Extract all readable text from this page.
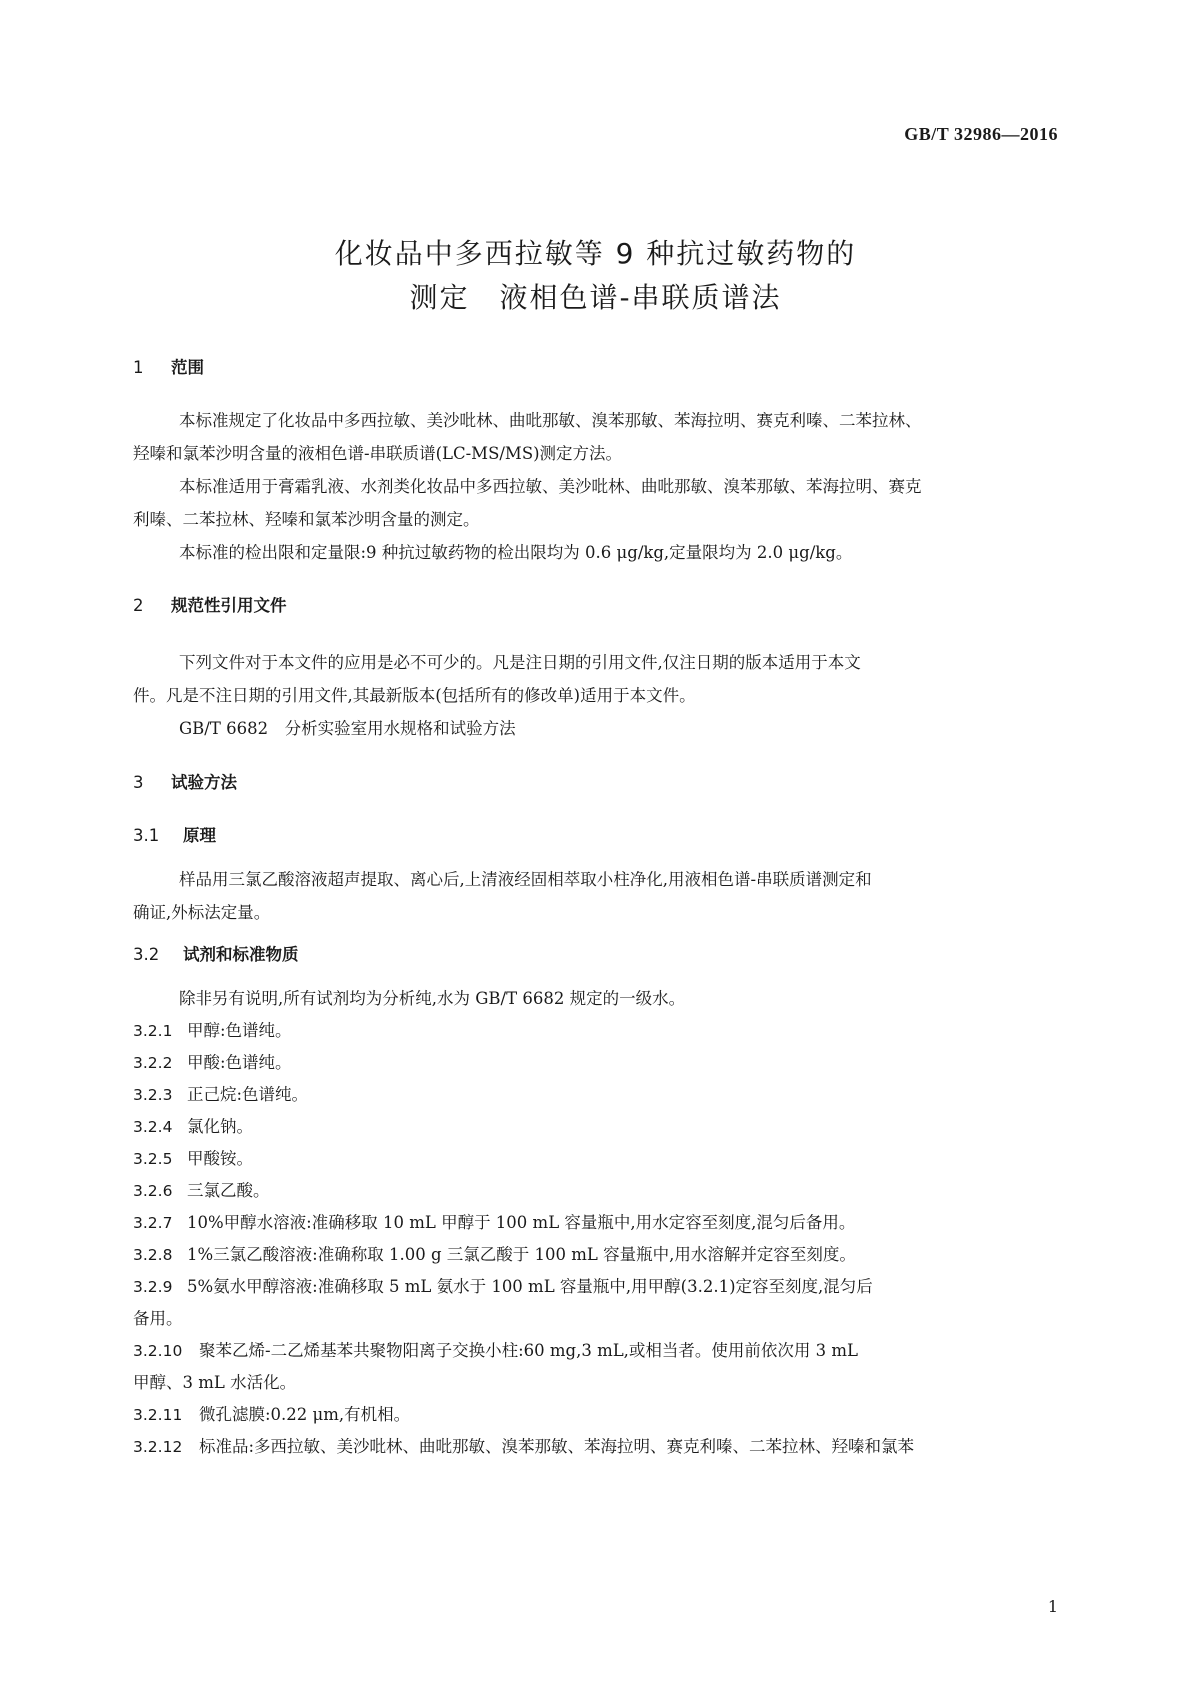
GB/T 32986—2016
化妆品中多西拉敏等 9 种抗过敏药物的
测定　液相色谱-串联质谱法
1 范围
本标准规定了化妆品中多西拉敏、美沙吡林、曲吡那敏、溴苯那敏、苯海拉明、赛克利嗪、二苯拉林、
羟嗪和氯苯沙明含量的液相色谱-串联质谱(LC-MS/MS)测定方法。
本标准适用于膏霜乳液、水剂类化妆品中多西拉敏、美沙吡林、曲吡那敏、溴苯那敏、苯海拉明、赛克
利嗪、二苯拉林、羟嗪和氯苯沙明含量的测定。
本标准的检出限和定量限:9 种抗过敏药物的检出限均为 0.6 μg/kg,定量限均为 2.0 μg/kg。
2 规范性引用文件
下列文件对于本文件的应用是必不可少的。凡是注日期的引用文件,仅注日期的版本适用于本文
件。凡是不注日期的引用文件,其最新版本(包括所有的修改单)适用于本文件。
GB/T 6682　分析实验室用水规格和试验方法
3 试验方法
3.1 原理
样品用三氯乙酸溶液超声提取、离心后,上清液经固相萃取小柱净化,用液相色谱-串联质谱测定和
确证,外标法定量。
3.2 试剂和标准物质
除非另有说明,所有试剂均为分析纯,水为 GB/T 6682 规定的一级水。
3.2.1 甲醇:色谱纯。
3.2.2 甲酸:色谱纯。
3.2.3 正己烷:色谱纯。
3.2.4 氯化钠。
3.2.5 甲酸铵。
3.2.6 三氯乙酸。
3.2.7 10%甲醇水溶液:准确移取 10 mL 甲醇于 100 mL 容量瓶中,用水定容至刻度,混匀后备用。
3.2.8 1%三氯乙酸溶液:准确称取 1.00 g 三氯乙酸于 100 mL 容量瓶中,用水溶解并定容至刻度。
3.2.9 5%氨水甲醇溶液:准确移取 5 mL 氨水于 100 mL 容量瓶中,用甲醇(3.2.1)定容至刻度,混匀后
备用。
3.2.10 聚苯乙烯-二乙烯基苯共聚物阳离子交换小柱:60 mg,3 mL,或相当者。使用前依次用 3 mL
甲醇、3 mL 水活化。
3.2.11 微孔滤膜:0.22 μm,有机相。
3.2.12 标准品:多西拉敏、美沙吡林、曲吡那敏、溴苯那敏、苯海拉明、赛克利嗪、二苯拉林、羟嗪和氯苯
1
